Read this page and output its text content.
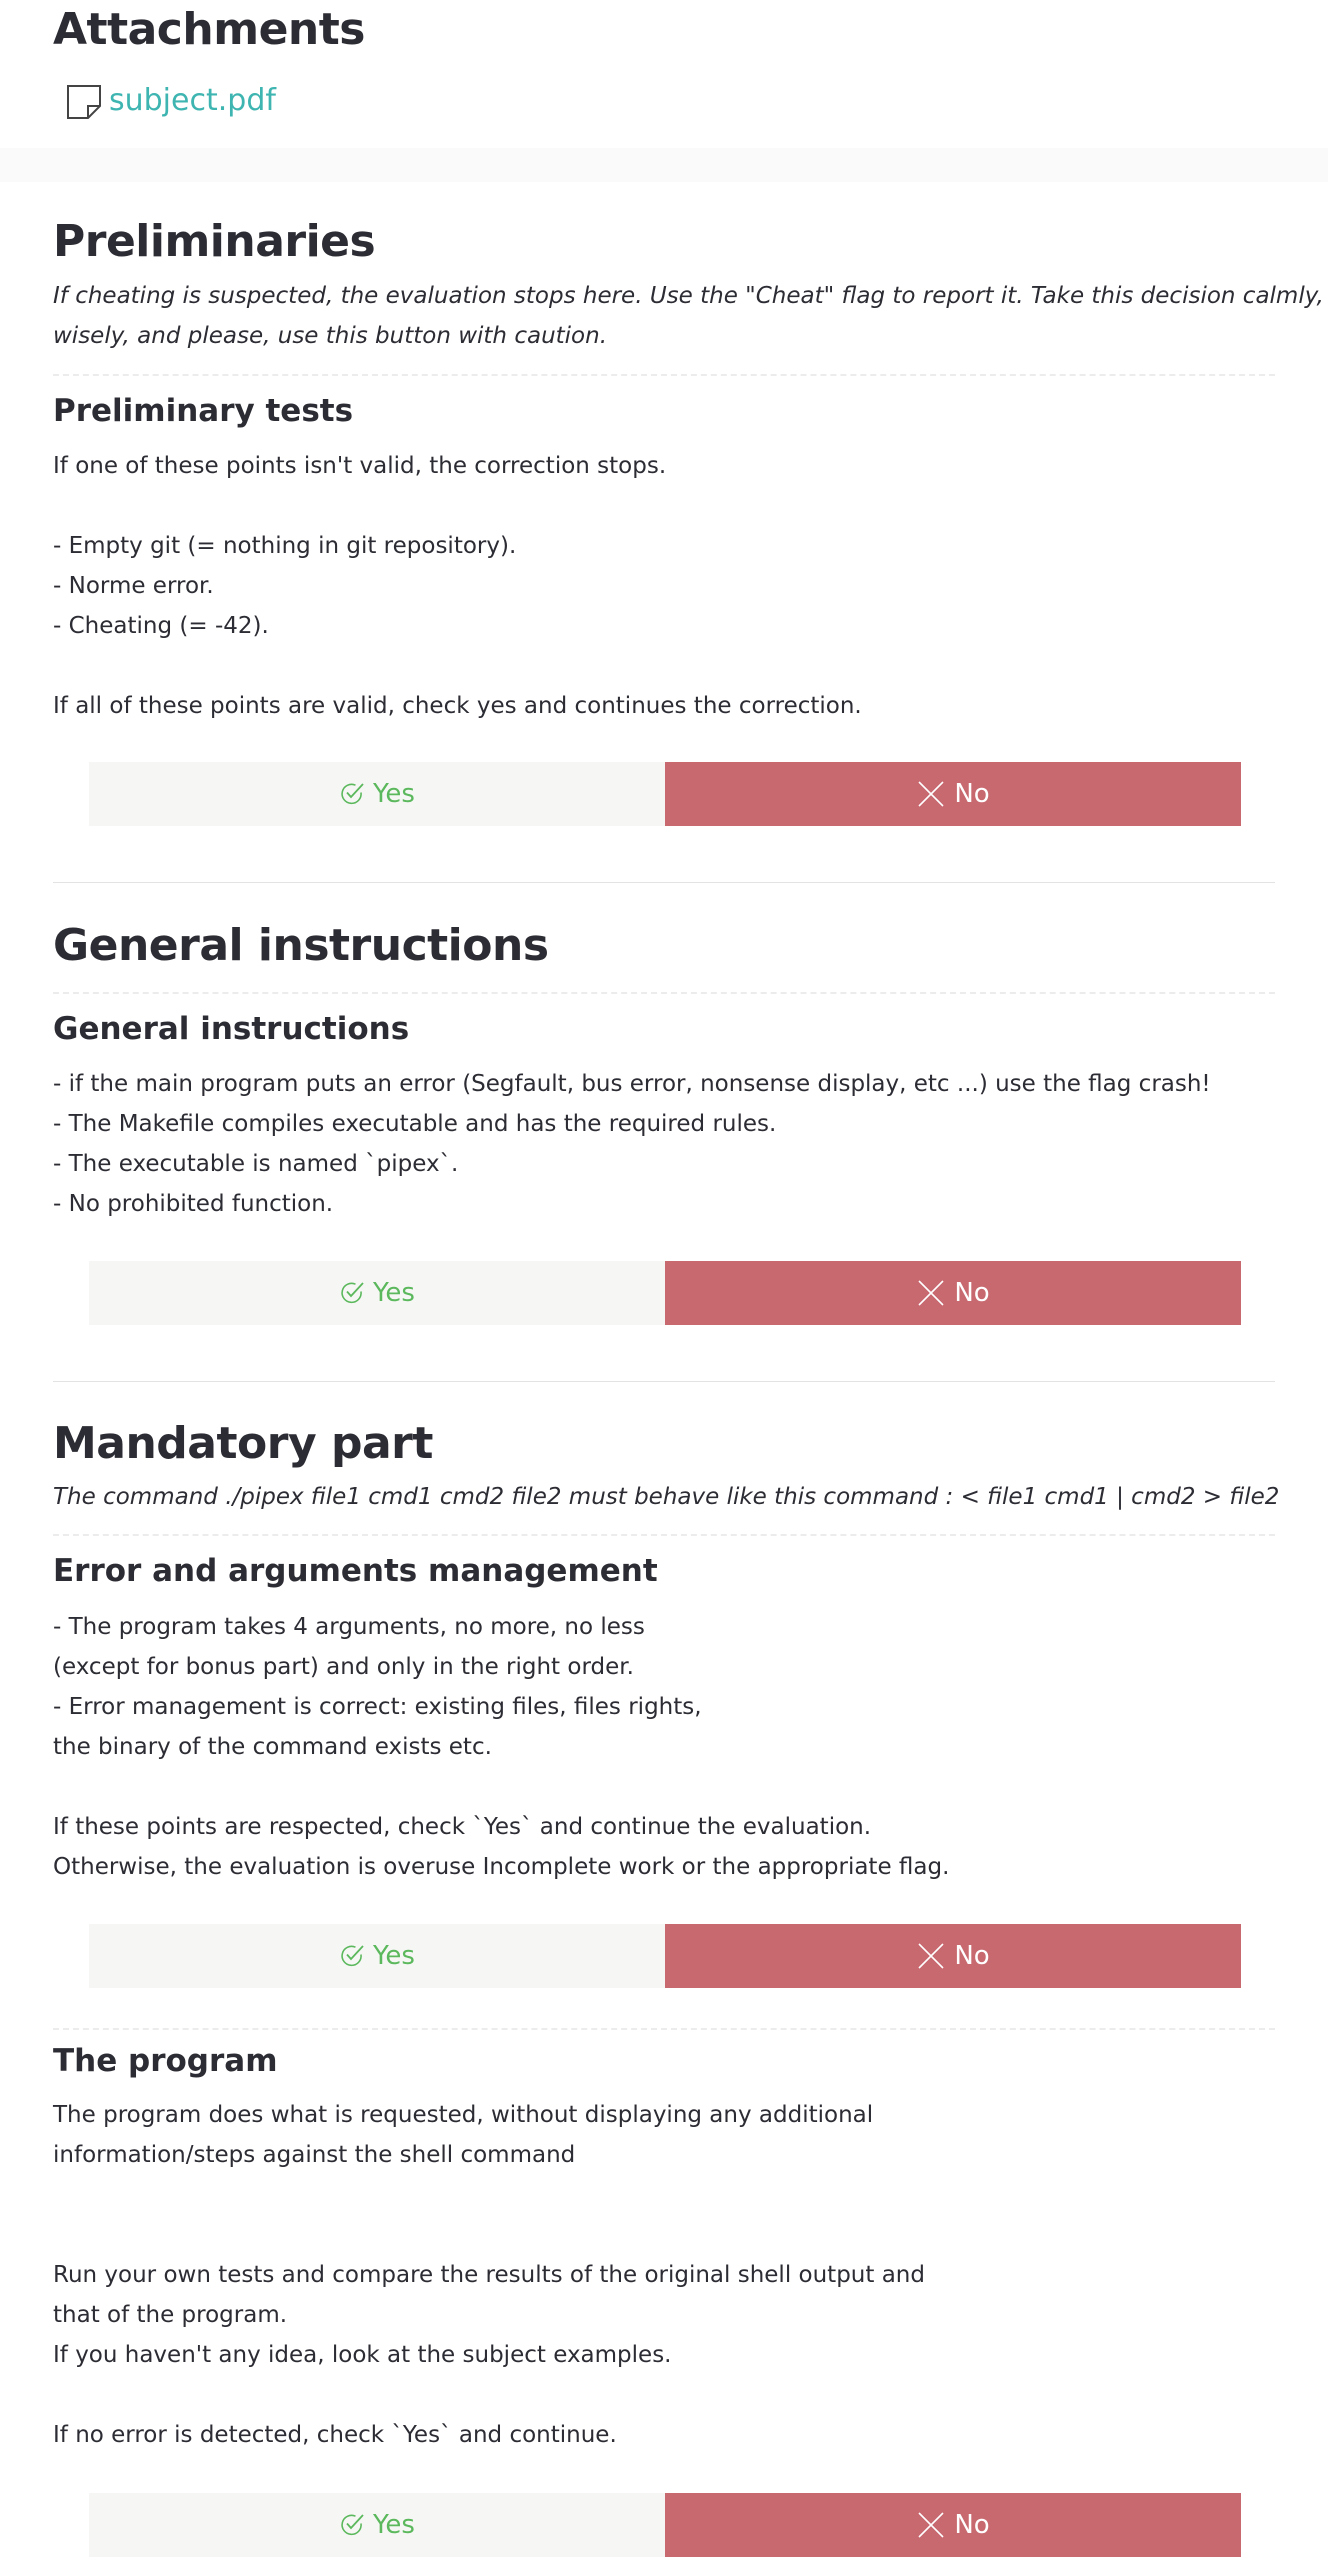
Attachments
subject.pdf
Preliminaries
If cheating is suspected, the evaluation stops here. Use the "Cheat" flag to report it. Take this decision calmly,
wisely, and please, use this button with caution.
Preliminary tests
If one of these points isn't valid, the correction stops.
- Empty git (= nothing in git repository).
- Norme error.
- Cheating (= -42).
If all of these points are valid, check yes and continues the correction.
Yes	No
General instructions
General instructions
- if the main program puts an error (Segfault, bus error, nonsense display, etc ...) use the flag crash!
- The Makefile compiles executable and has the required rules.
- The executable is named `pipex`.
- No prohibited function.
Yes	No
Mandatory part
The command ./pipex file1 cmd1 cmd2 file2 must behave like this command : < file1 cmd1 | cmd2 > file2
Error and arguments management
- The program takes 4 arguments, no more, no less
(except for bonus part) and only in the right order.
- Error management is correct: existing files, files rights,
the binary of the command exists etc.
If these points are respected, check `Yes` and continue the evaluation.
Otherwise, the evaluation is overuse Incomplete work or the appropriate flag.
Yes	No
The program
The program does what is requested, without displaying any additional
information/steps against the shell command
Run your own tests and compare the results of the original shell output and
that of the program.
If you haven't any idea, look at the subject examples.
If no error is detected, check `Yes` and continue.
Yes	No
